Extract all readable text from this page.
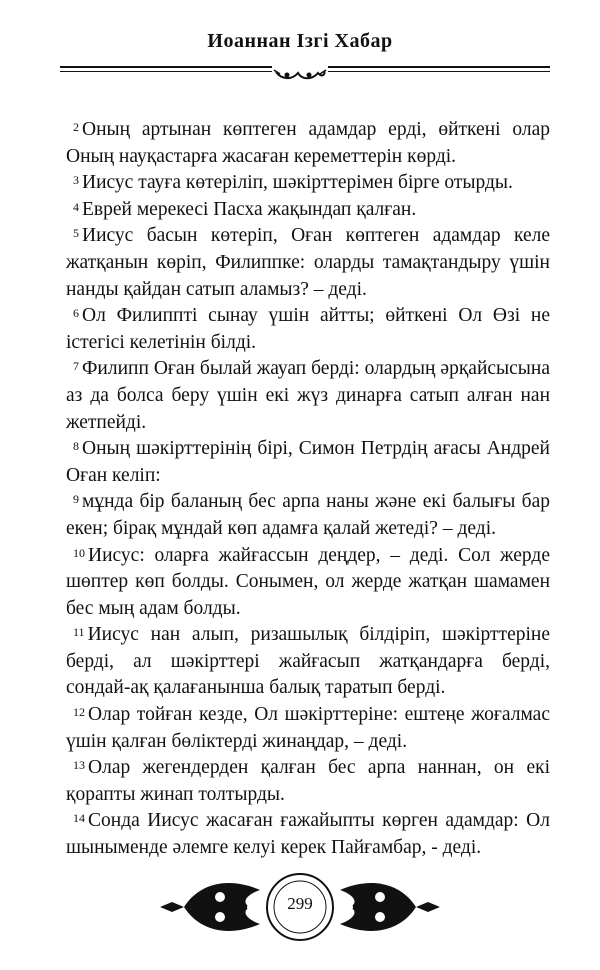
Иоаннан Ізгі Хабар
$^2$ Оның артынан көптеген адамдар ерді, өйткені олар
Оның науқастарға жасаған кереметтерін көрді.
$^3$ Иисус тауға көтеріліп, шәкірттерімен бірге отырды.
$^4$ Еврей мерекесі Пасха жақындап қалған.
$^5$ Иисус басын көтеріп, Оған көптеген адамдар келе
жатқанын көріп, Филиппке: оларды тамақтандыру үшін
нанды қайдан сатып аламыз? – деді.
$^6$ Ол Филиппті сынау үшін айтты; өйткені Ол Өзі не
істегісі келетінін білді.
$^7$ Филипп Оған былай жауап берді: олардың әрқайсысына
аз да болса беру үшін екі жүз динарға сатып алған нан
жетпейді.
$^8$ Оның шәкірттерінің бірі, Симон Петрдің ағасы Андрей
Оған келіп:
$^9$ мұнда бір баланың бес арпа наны және екі балығы бар
екен; бірақ мұндай көп адамға қалай жетеді? – деді.
$^{10}$ Иисус: оларға жайғассын деңдер, – деді. Сол жерде
шөптер көп болды. Сонымен, ол жерде жатқан шамамен
бес мың адам болды.
$^{11}$ Иисус нан алып, ризашылық білдіріп, шәкірттеріне
берді, ал шәкірттері жайғасып жатқандарға берді,
сондай-ақ қалағанынша балық таратып берді.
$^{12}$ Олар тойған кезде, Ол шәкірттеріне: ештеңе жоғалмас
үшін қалған бөліктерді жинаңдар, – деді.
$^{13}$ Олар жегендерден қалған бес арпа наннан, он екі
қорапты жинап толтырды.
$^{14}$ Сонда Иисус жасаған ғажайыпты көрген адамдар: Ол
шыныменде әлемге келуі керек Пайғамбар, - деді.
299
